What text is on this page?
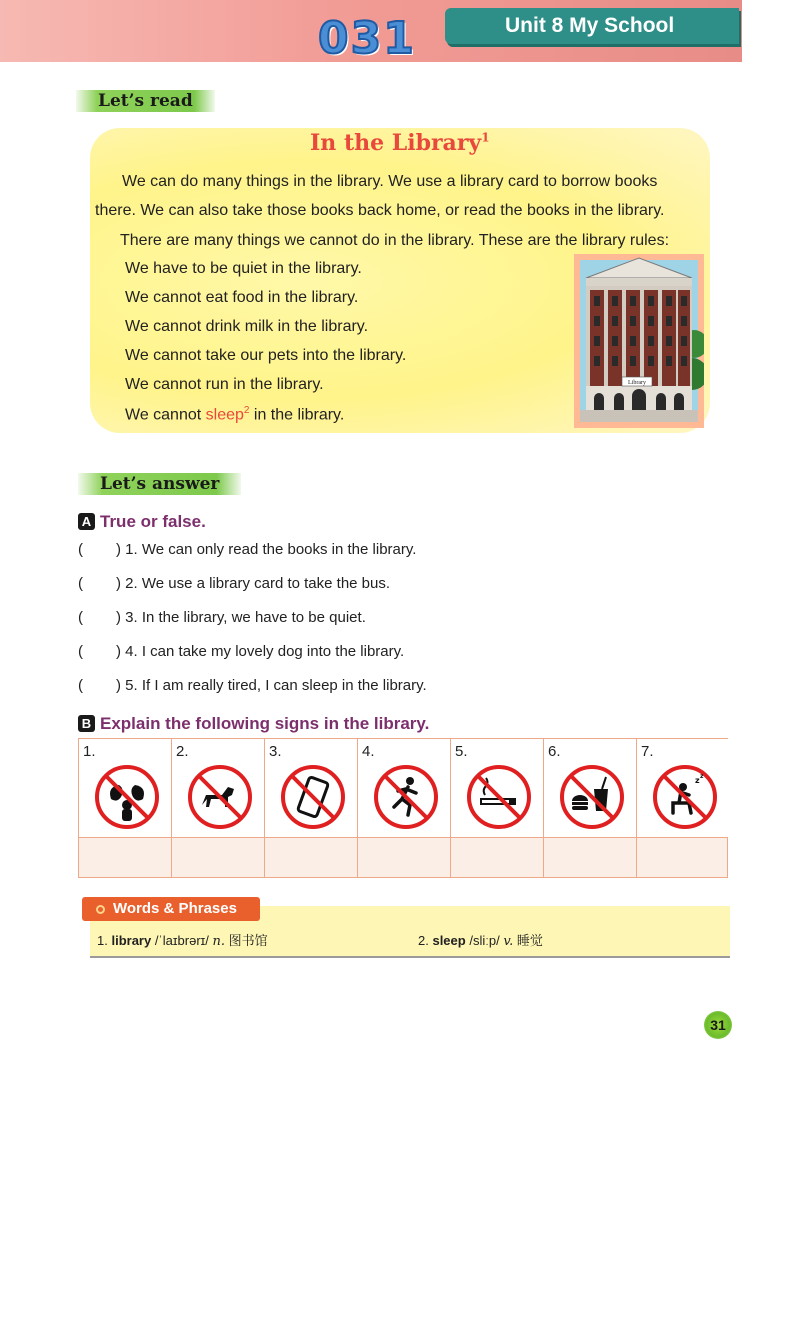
031	Unit 8 My School
Let’s read
In the Library$^1$
We can do many things in the library. We use a library card to borrow books
there. We can also take those books back home, or read the books in the library.
There are many things we cannot do in the library. These are the library rules:
We have to be quiet in the library.
We cannot eat food in the library.
We cannot drink milk in the library.
We cannot take our pets into the library.
We cannot run in the library.
We cannot sleep$^2$ in the library.
Library
Let’s answer
A True or false.
( ) 1. We can only read the books in the library.
( ) 2. We use a library card to take the bus.
( ) 3. In the library, we have to be quiet.
( ) 4. I can take my lovely dog into the library.
( ) 5. If I am really tired, I can sleep in the library.
B Explain the following signs in the library.
1.	2.	3.	4.	5.	6.	7.
z z
Words & Phrases
1. library /ˈlaɪbrərɪ/ n. 图书馆	2. sleep /sliːp/ v. 睡觉
31
